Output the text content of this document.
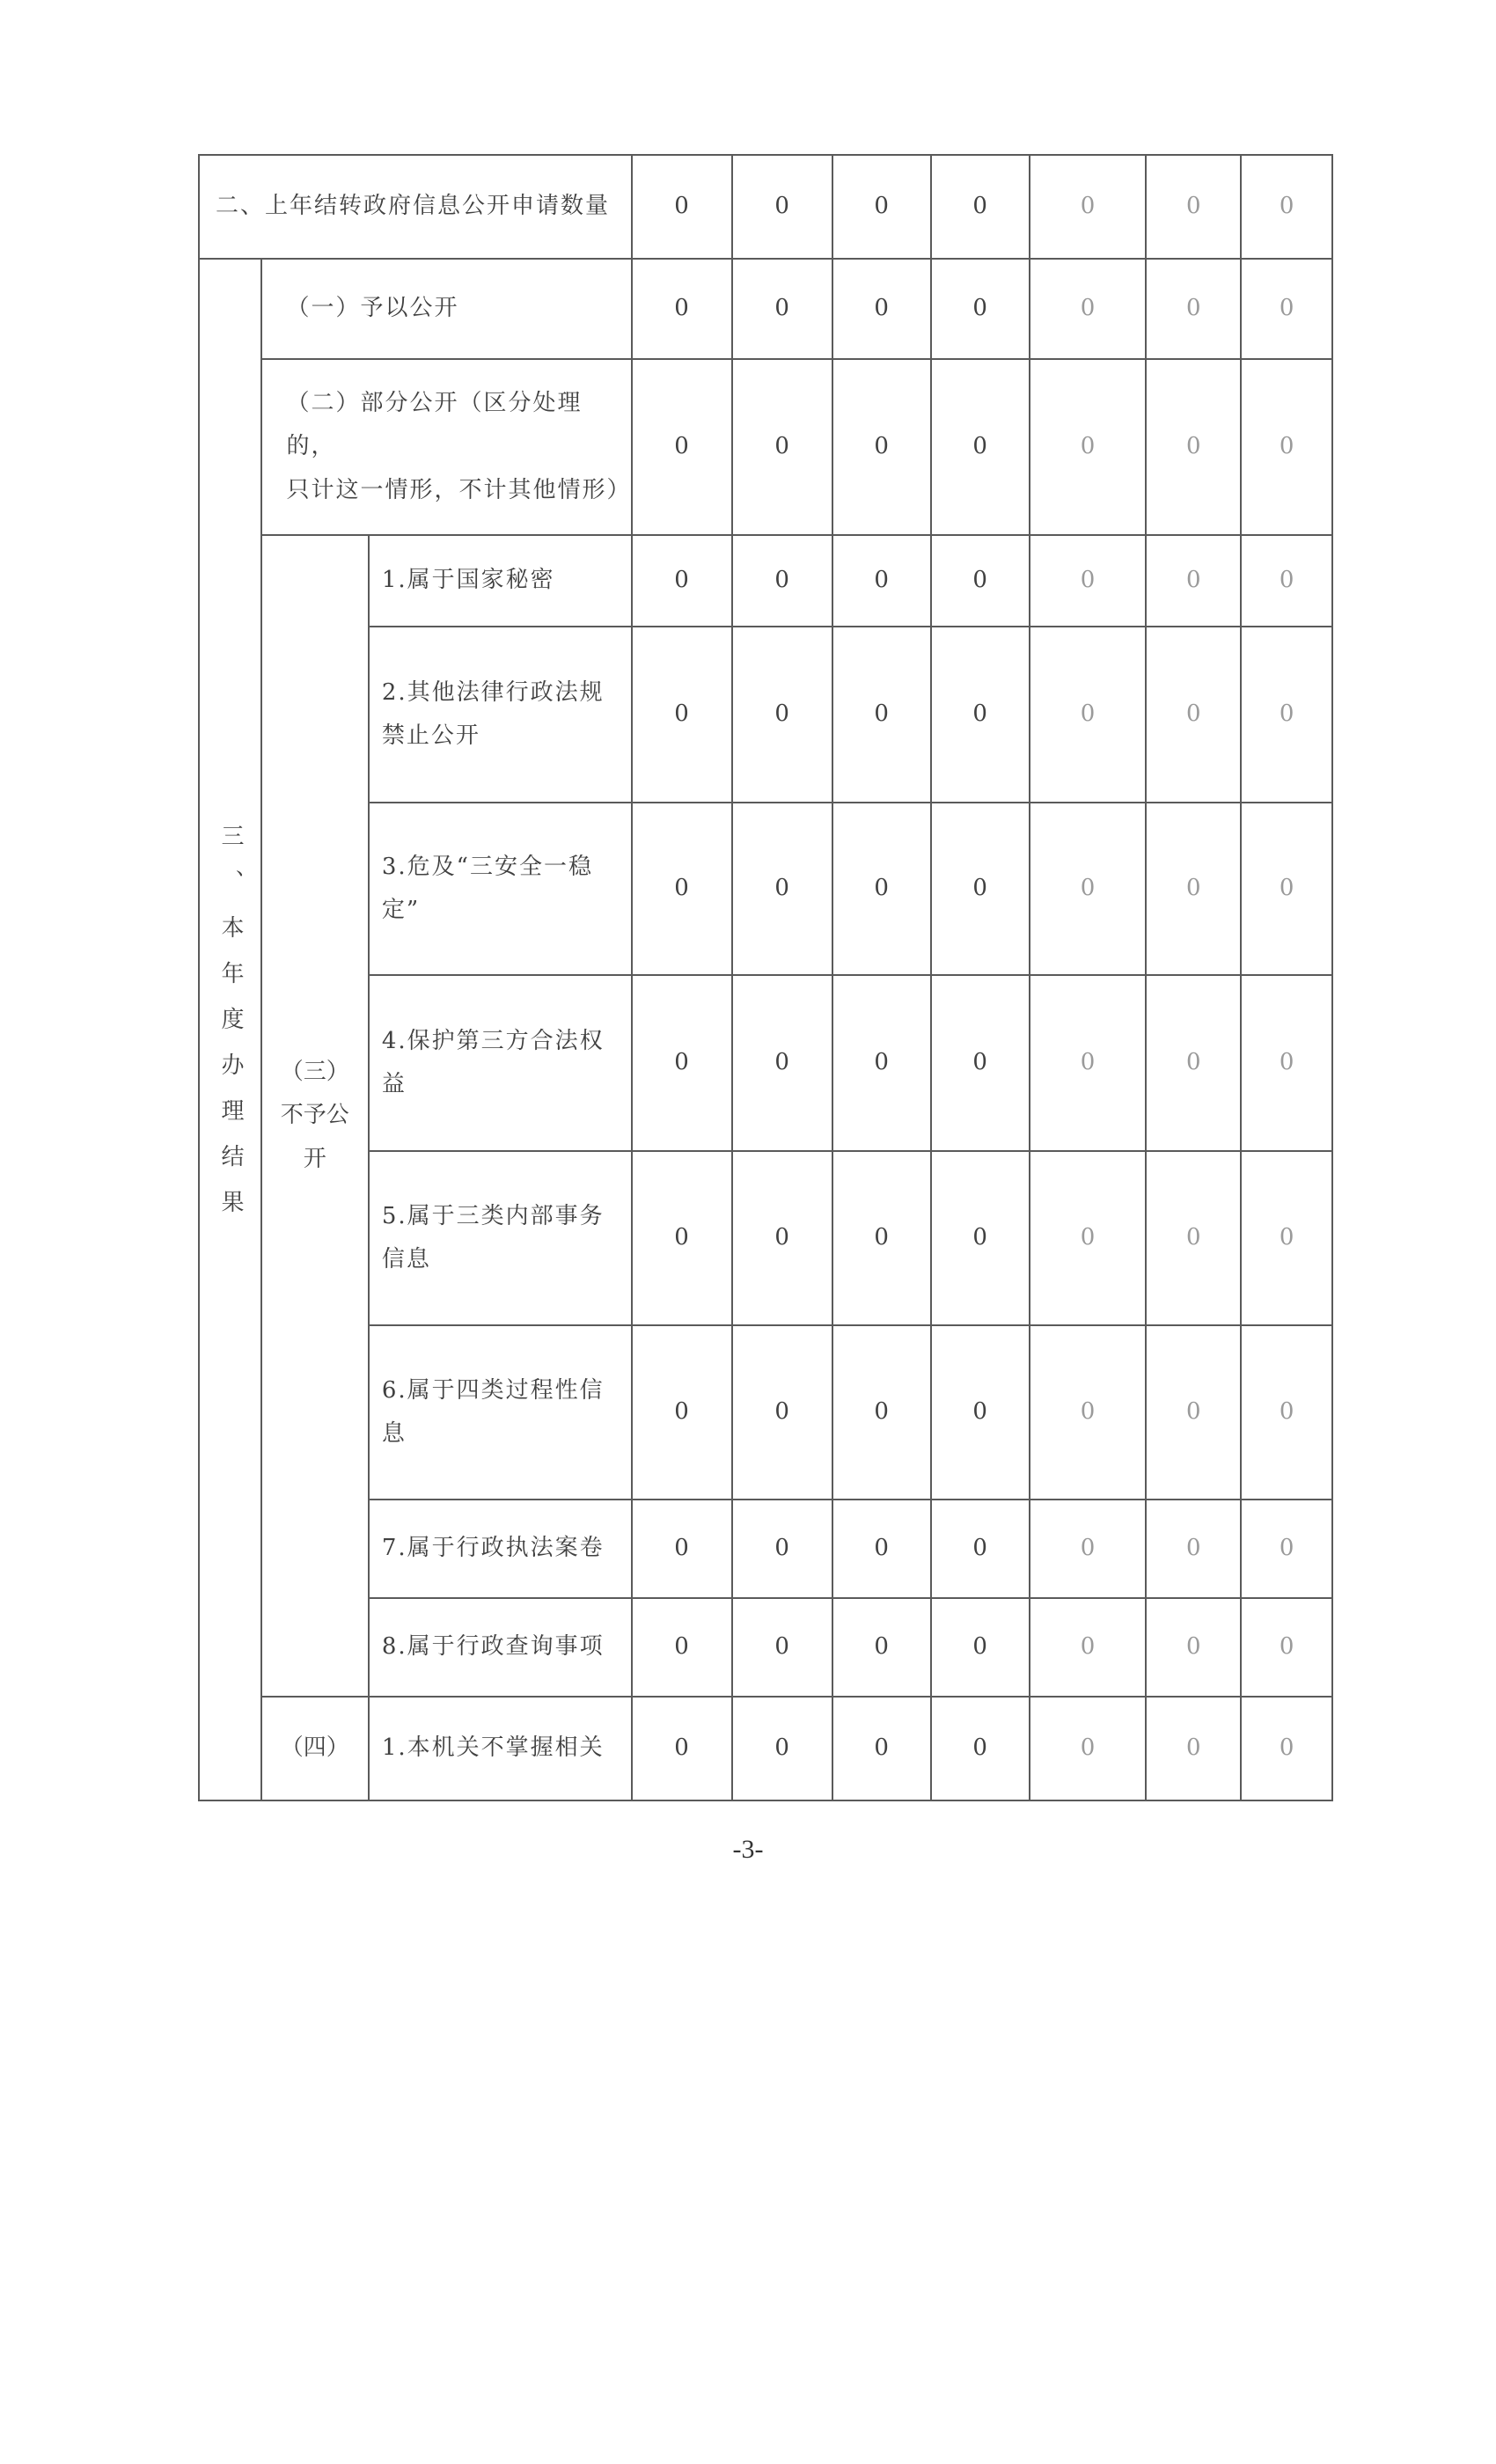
二、上年结转政府信息公开申请数量			0	0	0	0	0	0	0
三、本年度办理结果	（一）予以公开		0	0	0	0	0	0	0

	（二）部分公开（区分处理的，
只计这一情形，不计其他情形）		0	0	0	0	0	0	0

	（三）
不予公
开	1.属于国家秘密	0	0	0	0	0	0	0

		2.其他法律行政法规
禁止公开	0	0	0	0	0	0	0

		3.危及“三安全一稳
定”	0	0	0	0	0	0	0

		4.保护第三方合法权
益	0	0	0	0	0	0	0

		5.属于三类内部事务
信息	0	0	0	0	0	0	0

		6.属于四类过程性信
息	0	0	0	0	0	0	0

		7.属于行政执法案卷	0	0	0	0	0	0	0

		8.属于行政查询事项	0	0	0	0	0	0	0
	（四）	1.本机关不掌握相关	0	0	0	0	0	0	0
-3-
